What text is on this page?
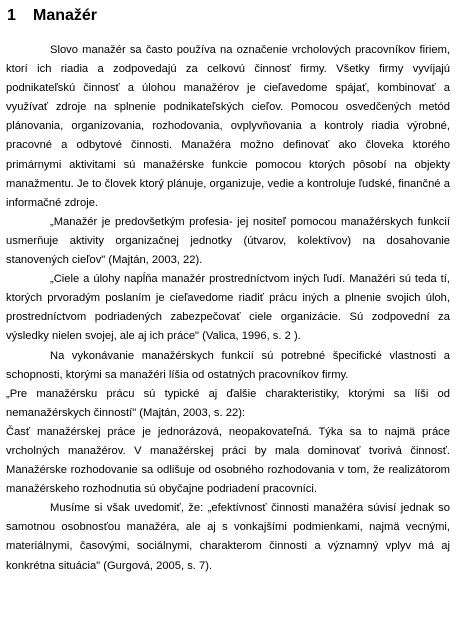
1 Manažér

Slovo manažér sa často používa na označenie vrcholových pracovníkov firiem, ktorí ich riadia a zodpovedajú za celkovú činnosť firmy. Všetky firmy vyvíjajú podnikateľskú činnosť a úlohou manažérov je cieľavedome spájať, kombinovať a využívať zdroje na splnenie podnikateľských cieľov. Pomocou osvedčených metód plánovania, organizovania, rozhodovania, ovplyvňovania a kontroly riadia výrobné, pracovné a odbytové činnosti. Manažéra možno definovať ako človeka ktorého primárnymi aktivitami sú manažérske funkcie pomocou ktorých pôsobí na objekty manažmentu. Je to človek ktorý plánuje, organizuje, vedie a kontroluje ľudské, finančné a informačné zdroje.

„Manažér je predovšetkým profesia- jej nositeľ pomocou manažérskych funkcií usmerňuje aktivity organizačnej jednotky (útvarov, kolektívov) na dosahovanie stanovených cieľov" (Majtán, 2003, 22).

„Ciele a úlohy napĺňa manažér prostredníctvom iných ľudí. Manažéri sú teda tí, ktorých prvoradým poslaním je cieľavedome riadiť prácu iných a plnenie svojich úloh, prostredníctvom podriadených zabezpečovať ciele organizácie. Sú zodpovední za výsledky nielen svojej, ale aj ich práce" (Valica, 1996, s. 2 ).

Na vykonávanie manažérskych funkcií sú potrebné špecifické vlastnosti a schopnosti, ktorými sa manažéri líšia od ostatných pracovníkov firmy.

„Pre manažérsku prácu sú typické aj ďalšie charakteristiky, ktorými sa líši od nemanažérskych činností" (Majtán, 2003, s. 22):

Časť manažérskej práce je jednorázová, neopakovateľná. Týka sa to najmä práce vrcholných manažérov. V manažérskej práci by mala dominovať tvorivá činnosť. Manažérske rozhodovanie sa odlišuje od osobného rozhodovania v tom, že realizátorom manažérskeho rozhodnutia sú obyčajne podriadení pracovníci.

Musíme si však uvedomiť, že: „efektívnosť činnosti manažéra súvisí jednak so samotnou osobnosťou manažéra, ale aj s vonkajšími podmienkami, najmä vecnými, materiálnymi, časovými, sociálnymi, charakterom činnosti a významný vplyv má aj konkrétna situácia" (Gurgová, 2005, s. 7).
